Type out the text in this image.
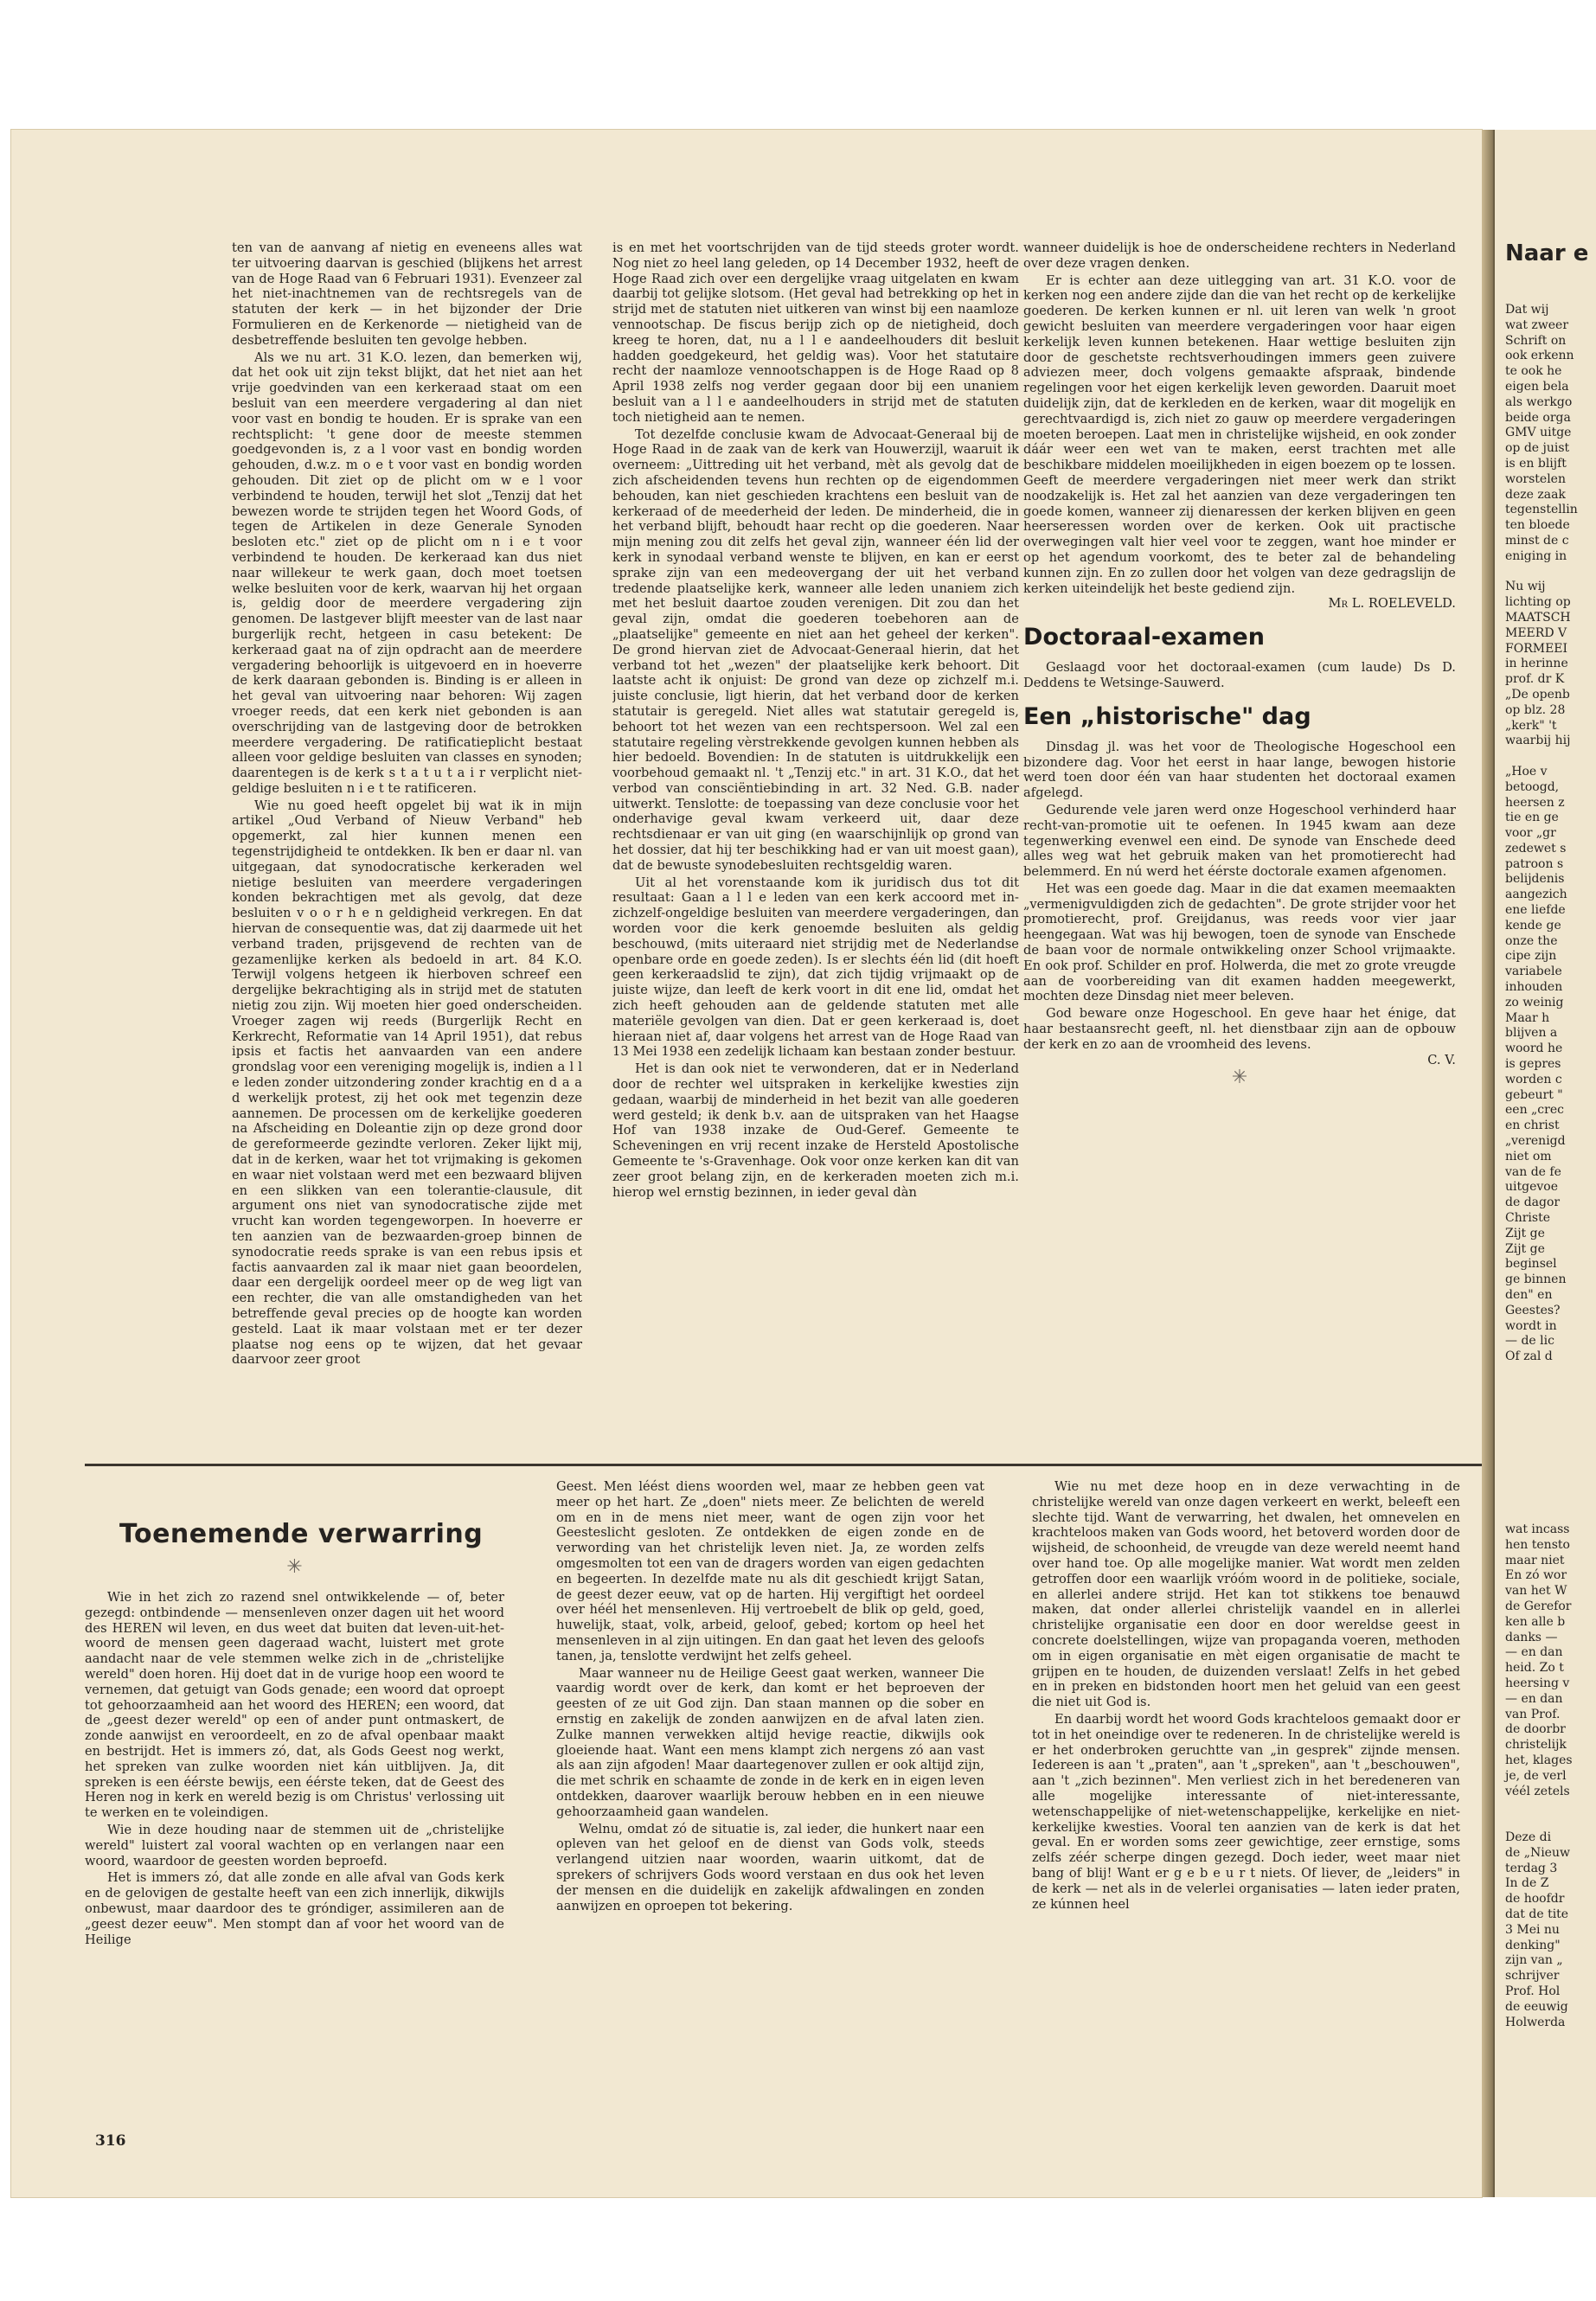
ten van de aanvang af nietig en eveneens alles wat ter uitvoering daarvan is geschied (blijkens het arrest van de Hoge Raad van 6 Februari 1931). Evenzeer zal het niet-inachtnemen van de rechtsregels van de statuten der kerk — in het bijzonder der Drie Formulieren en de Kerkenorde — nietigheid van de desbetreffende besluiten ten gevolge hebben.

Als we nu art. 31 K.O. lezen, dan bemerken wij, dat het ook uit zijn tekst blijkt, dat het niet aan het vrije goedvinden van een kerkeraad staat om een besluit van een meerdere vergadering al dan niet voor vast en bondig te houden. Er is sprake van een rechtsplicht: 't gene door de meeste stemmen goedgevonden is, z a l voor vast en bondig worden gehouden, d.w.z. m o e t voor vast en bondig worden gehouden. Dit ziet op de plicht om w e l voor verbindend te houden, terwijl het slot „Tenzij dat het bewezen worde te strijden tegen het Woord Gods, of tegen de Artikelen in deze Generale Synoden besloten etc." ziet op de plicht om n i e t voor verbindend te houden. De kerkeraad kan dus niet naar willekeur te werk gaan, doch moet toetsen welke besluiten voor de kerk, waarvan hij het orgaan is, geldig door de meerdere vergadering zijn genomen. De lastgever blijft meester van de last naar burgerlijk recht, hetgeen in casu betekent: De kerkeraad gaat na of zijn opdracht aan de meerdere vergadering behoorlijk is uitgevoerd en in hoeverre de kerk daaraan gebonden is. Binding is er alleen in het geval van uitvoering naar behoren: Wij zagen vroeger reeds, dat een kerk niet gebonden is aan overschrijding van de lastgeving door de betrokken meerdere vergadering. De ratificatieplicht bestaat alleen voor geldige besluiten van classes en synoden; daarentegen is de kerk s t a t u t a i r verplicht niet-geldige besluiten n i e t te ratificeren.

Wie nu goed heeft opgelet bij wat ik in mijn artikel „Oud Verband of Nieuw Verband" heb opgemerkt, zal hier kunnen menen een tegenstrijdigheid te ontdekken. Ik ben er daar nl. van uitgegaan, dat synodocratische kerkeraden wel nietige besluiten van meerdere vergaderingen konden bekrachtigen met als gevolg, dat deze besluiten v o o r h e n geldigheid verkregen. En dat hiervan de consequentie was, dat zij daarmede uit het verband traden, prijsgevend de rechten van de gezamenlijke kerken als bedoeld in art. 84 K.O. Terwijl volgens hetgeen ik hierboven schreef een dergelijke bekrachtiging als in strijd met de statuten nietig zou zijn. Wij moeten hier goed onderscheiden. Vroeger zagen wij reeds (Burgerlijk Recht en Kerkrecht, Reformatie van 14 April 1951), dat rebus ipsis et factis het aanvaarden van een andere grondslag voor een vereniging mogelijk is, indien a l l e leden zonder uitzondering zonder krachtig en d a a d werkelijk protest, zij het ook met tegenzin deze aannemen. De processen om de kerkelijke goederen na Afscheiding en Doleantie zijn op deze grond door de gereformeerde gezindte verloren. Zeker lijkt mij, dat in de kerken, waar het tot vrijmaking is gekomen en waar niet volstaan werd met een bezwaard blijven en een slikken van een tolerantie-clausule, dit argument ons niet van synodocratische zijde met vrucht kan worden tegengeworpen. In hoeverre er ten aanzien van de bezwaarden-groep binnen de synodocratie reeds sprake is van een rebus ipsis et factis aanvaarden zal ik maar niet gaan beoordelen, daar een dergelijk oordeel meer op de weg ligt van een rechter, die van alle omstandigheden van het betreffende geval precies op de hoogte kan worden gesteld. Laat ik maar volstaan met er ter dezer plaatse nog eens op te wijzen, dat het gevaar daarvoor zeer groot

is en met het voortschrijden van de tijd steeds groter wordt. Nog niet zo heel lang geleden, op 14 December 1932, heeft de Hoge Raad zich over een dergelijke vraag uitgelaten en kwam daarbij tot gelijke slotsom. (Het geval had betrekking op het in strijd met de statuten niet uitkeren van winst bij een naamloze vennootschap. De fiscus berijp zich op de nietigheid, doch kreeg te horen, dat, nu a l l e aandeelhouders dit besluit hadden goedgekeurd, het geldig was). Voor het statutaire recht der naamloze vennootschappen is de Hoge Raad op 8 April 1938 zelfs nog verder gegaan door bij een unaniem besluit van a l l e aandeelhouders in strijd met de statuten toch nietigheid aan te nemen.

Tot dezelfde conclusie kwam de Advocaat-Generaal bij de Hoge Raad in de zaak van de kerk van Houwerzijl, waaruit ik overneem: „Uittreding uit het verband, mèt als gevolg dat de zich afscheidenden tevens hun rechten op de eigendommen behouden, kan niet geschieden krachtens een besluit van de kerkeraad of de meederheid der leden. De minderheid, die in het verband blijft, behoudt haar recht op die goederen. Naar mijn mening zou dit zelfs het geval zijn, wanneer één lid der kerk in synodaal verband wenste te blijven, en kan er eerst sprake zijn van een medeovergang der uit het verband tredende plaatselijke kerk, wanneer alle leden unaniem zich met het besluit daartoe zouden verenigen. Dit zou dan het geval zijn, omdat die goederen toebehoren aan de „plaatselijke" gemeente en niet aan het geheel der kerken". De grond hiervan ziet de Advocaat-Generaal hierin, dat het verband tot het „wezen" der plaatselijke kerk behoort. Dit laatste acht ik onjuist: De grond van deze op zichzelf m.i. juiste conclusie, ligt hierin, dat het verband door de kerken statutair is geregeld. Niet alles wat statutair geregeld is, behoort tot het wezen van een rechtspersoon. Wel zal een statutaire regeling vèrstrekkende gevolgen kunnen hebben als hier bedoeld. Bovendien: In de statuten is uitdrukkelijk een voorbehoud gemaakt nl. 't „Tenzij etc." in art. 31 K.O., dat het verbod van consciëntiebinding in art. 32 Ned. G.B. nader uitwerkt. Tenslotte: de toepassing van deze conclusie voor het onderhavige geval kwam verkeerd uit, daar deze rechtsdienaar er van uit ging (en waarschijnlijk op grond van het dossier, dat hij ter beschikking had er van uit moest gaan), dat de bewuste synodebesluiten rechtsgeldig waren.

Uit al het vorenstaande kom ik juridisch dus tot dit resultaat: Gaan a l l e leden van een kerk accoord met in-zichzelf-ongeldige besluiten van meerdere vergaderingen, dan worden voor die kerk genoemde besluiten als geldig beschouwd, (mits uiteraard niet strijdig met de Nederlandse openbare orde en goede zeden). Is er slechts één lid (dit hoeft geen kerkeraadslid te zijn), dat zich tijdig vrijmaakt op de juiste wijze, dan leeft de kerk voort in dit ene lid, omdat het zich heeft gehouden aan de geldende statuten met alle materiële gevolgen van dien. Dat er geen kerkeraad is, doet hieraan niet af, daar volgens het arrest van de Hoge Raad van 13 Mei 1938 een zedelijk lichaam kan bestaan zonder bestuur.

Het is dan ook niet te verwonderen, dat er in Nederland door de rechter wel uitspraken in kerkelijke kwesties zijn gedaan, waarbij de minderheid in het bezit van alle goederen werd gesteld; ik denk b.v. aan de uitspraken van het Haagse Hof van 1938 inzake de Oud-Geref. Gemeente te Scheveningen en vrij recent inzake de Hersteld Apostolische Gemeente te 's-Gravenhage. Ook voor onze kerken kan dit van zeer groot belang zijn, en de kerkeraden moeten zich m.i. hierop wel ernstig bezinnen, in ieder geval dàn

wanneer duidelijk is hoe de onderscheidene rechters in Nederland over deze vragen denken.

Er is echter aan deze uitlegging van art. 31 K.O. voor de kerken nog een andere zijde dan die van het recht op de kerkelijke goederen. De kerken kunnen er nl. uit leren van welk 'n groot gewicht besluiten van meerdere vergaderingen voor haar eigen kerkelijk leven kunnen betekenen. Haar wettige besluiten zijn door de geschetste rechtsverhoudingen immers geen zuivere adviezen meer, doch volgens gemaakte afspraak, bindende regelingen voor het eigen kerkelijk leven geworden. Daaruit moet duidelijk zijn, dat de kerkleden en de kerken, waar dit mogelijk en gerechtvaardigd is, zich niet zo gauw op meerdere vergaderingen moeten beroepen. Laat men in christelijke wijsheid, en ook zonder dáár weer een wet van te maken, eerst trachten met alle beschikbare middelen moeilijkheden in eigen boezem op te lossen. Geeft de meerdere vergaderingen niet meer werk dan strikt noodzakelijk is. Het zal het aanzien van deze vergaderingen ten goede komen, wanneer zij dienaressen der kerken blijven en geen heerseressen worden over de kerken. Ook uit practische overwegingen valt hier veel voor te zeggen, want hoe minder er op het agendum voorkomt, des te beter zal de behandeling kunnen zijn. En zo zullen door het volgen van deze gedragslijn de kerken uiteindelijk het beste gediend zijn.

Mr L. ROELEVELD.

Doctoraal-examen

Geslaagd voor het doctoraal-examen (cum laude) Ds D. Deddens te Wetsinge-Sauwerd.

Een „historische" dag

Dinsdag jl. was het voor de Theologische Hogeschool een bizondere dag. Voor het eerst in haar lange, bewogen historie werd toen door één van haar studenten het doctoraal examen afgelegd.

Gedurende vele jaren werd onze Hogeschool verhinderd haar recht-van-promotie uit te oefenen. In 1945 kwam aan deze tegenwerking evenwel een eind. De synode van Enschede deed alles weg wat het gebruik maken van het promotierecht had belemmerd. En nú werd het éérste doctorale examen afgenomen.

Het was een goede dag. Maar in die dat examen meemaakten „vermenigvuldigden zich de gedachten". De grote strijder voor het promotierecht, prof. Greijdanus, was reeds voor vier jaar heengegaan. Wat was hij bewogen, toen de synode van Enschede de baan voor de normale ontwikkeling onzer School vrijmaakte. En ook prof. Schilder en prof. Holwerda, die met zo grote vreugde aan de voorbereiding van dit examen hadden meegewerkt, mochten deze Dinsdag niet meer beleven.

God beware onze Hogeschool. En geve haar het énige, dat haar bestaansrecht geeft, nl. het dienstbaar zijn aan de opbouw der kerk en zo aan de vroomheid des levens.

C. V.

✳
Toenemende verwarring
✳

Wie in het zich zo razend snel ontwikkelende — of, beter gezegd: ontbindende — mensenleven onzer dagen uit het woord des HEREN wil leven, en dus weet dat buiten dat leven-uit-het-woord de mensen geen dageraad wacht, luistert met grote aandacht naar de vele stemmen welke zich in de „christelijke wereld" doen horen. Hij doet dat in de vurige hoop een woord te vernemen, dat getuigt van Gods genade; een woord dat oproept tot gehoorzaamheid aan het woord des HEREN; een woord, dat de „geest dezer wereld" op een of ander punt ontmaskert, de zonde aanwijst en veroordeelt, en zo de afval openbaar maakt en bestrijdt. Het is immers zó, dat, als Gods Geest nog werkt, het spreken van zulke woorden niet kán uitblijven. Ja, dit spreken is een éérste bewijs, een éérste teken, dat de Geest des Heren nog in kerk en wereld bezig is om Christus' verlossing uit te werken en te voleindigen.

Wie in deze houding naar de stemmen uit de „christelijke wereld" luistert zal vooral wachten op en verlangen naar een woord, waardoor de geesten worden beproefd.

Het is immers zó, dat alle zonde en alle afval van Gods kerk en de gelovigen de gestalte heeft van een zich innerlijk, dikwijls onbewust, maar daardoor des te gróndiger, assimileren aan de „geest dezer eeuw". Men stompt dan af voor het woord van de Heilige

Geest. Men léést diens woorden wel, maar ze hebben geen vat meer op het hart. Ze „doen" niets meer. Ze belichten de wereld om en in de mens niet meer, want de ogen zijn voor het Geesteslicht gesloten. Ze ontdekken de eigen zonde en de verwording van het christelijk leven niet. Ja, ze worden zelfs omgesmolten tot een van de dragers worden van eigen gedachten en begeerten. In dezelfde mate nu als dit geschiedt krijgt Satan, de geest dezer eeuw, vat op de harten. Hij vergiftigt het oordeel over héél het mensenleven. Hij vertroebelt de blik op geld, goed, huwelijk, staat, volk, arbeid, geloof, gebed; kortom op heel het mensenleven in al zijn uitingen. En dan gaat het leven des geloofs tanen, ja, tenslotte verdwijnt het zelfs geheel.

Maar wanneer nu de Heilige Geest gaat werken, wanneer Die vaardig wordt over de kerk, dan komt er het beproeven der geesten of ze uit God zijn. Dan staan mannen op die sober en ernstig en zakelijk de zonden aanwijzen en de afval laten zien. Zulke mannen verwekken altijd hevige reactie, dikwijls ook gloeiende haat. Want een mens klampt zich nergens zó aan vast als aan zijn afgoden! Maar daartegenover zullen er ook altijd zijn, die met schrik en schaamte de zonde in de kerk en in eigen leven ontdekken, daarover waarlijk berouw hebben en in een nieuwe gehoorzaamheid gaan wandelen.

Welnu, omdat zó de situatie is, zal ieder, die hunkert naar een opleven van het geloof en de dienst van Gods volk, steeds verlangend uitzien naar woorden, waarin uitkomt, dat de sprekers of schrijvers Gods woord verstaan en dus ook het leven der mensen en die duidelijk en zakelijk afdwalingen en zonden aanwijzen en oproepen tot bekering.

Wie nu met deze hoop en in deze verwachting in de christelijke wereld van onze dagen verkeert en werkt, beleeft een slechte tijd. Want de verwarring, het dwalen, het omnevelen en krachteloos maken van Gods woord, het betoverd worden door de wijsheid, de schoonheid, de vreugde van deze wereld neemt hand over hand toe. Op alle mogelijke manier. Wat wordt men zelden getroffen door een waarlijk vróóm woord in de politieke, sociale, en allerlei andere strijd. Het kan tot stikkens toe benauwd maken, dat onder allerlei christelijk vaandel en in allerlei christelijke organisatie een door en door wereldse geest in concrete doelstellingen, wijze van propaganda voeren, methoden om in eigen organisatie en mèt eigen organisatie de macht te grijpen en te houden, de duizenden verslaat! Zelfs in het gebed en in preken en bidstonden hoort men het geluid van een geest die niet uit God is.

En daarbij wordt het woord Gods krachteloos gemaakt door er tot in het oneindige over te redeneren. In de christelijke wereld is er het onderbroken geruchtte van „in gesprek" zijnde mensen. Iedereen is aan 't „praten", aan 't „spreken", aan 't „beschouwen", aan 't „zich bezinnen". Men verliest zich in het beredeneren van alle mogelijke interessante of niet-interessante, wetenschappelijke of niet-wetenschappelijke, kerkelijke en niet-kerkelijke kwesties. Vooral ten aanzien van de kerk is dat het geval. En er worden soms zeer gewichtige, zeer ernstige, soms zelfs zéér scherpe dingen gezegd. Doch ieder, weet maar niet bang of blij! Want er g e b e u r t niets. Of liever, de „leiders" in de kerk — net als in de velerlei organisaties — laten ieder praten, ze kúnnen heel

316
Naar e
Dat wij
wat zweer
Schrift on
ook erkenn
te ook he
eigen bela
als werkgo
beide orga
GMV uitge
op de juist
is en blijft
worstelen
deze zaak
tegenstellin
ten bloede
minst de c
eniging in

Nu wij
lichting op
MAATSCH
MEERD V
FORMEEI
in herinne
prof. dr K
„De openb
op blz. 28
„kerk" 't
waarbij hij

„Hoe v
betoogd,
heersen z
tie en ge
voor „gr
zedewet s
patroon s
belijdenis
aangezich
ene liefde
kende ge
onze the
cipe zijn
variabele
inhouden
zo weinig
Maar h
blijven a
woord he
is gepres
worden c
gebeurt "
een „crec
en christ
„verenigd
niet om
van de fe
uitgevoe
de dagor
Christe
Zijt ge
Zijt ge
beginsel
ge binnen
den" en
Geestes?
wordt in
— de lic
Of zal d
wat incass
hen tensto
maar niet
En zó wor
van het W
de Gerefor
ken alle b
danks —
— en dan
heid. Zo t
heersing v
— en dan
van Prof.
de doorbr
christelijk
het, klages
je, de verl
véél zetels

Deze di
de „Nieuw
terdag 3
In de Z
de hoofdr
dat de tite
3 Mei nu
denking"
zijn van „
schrijver
Prof. Hol
de eeuwig
Holwerda
